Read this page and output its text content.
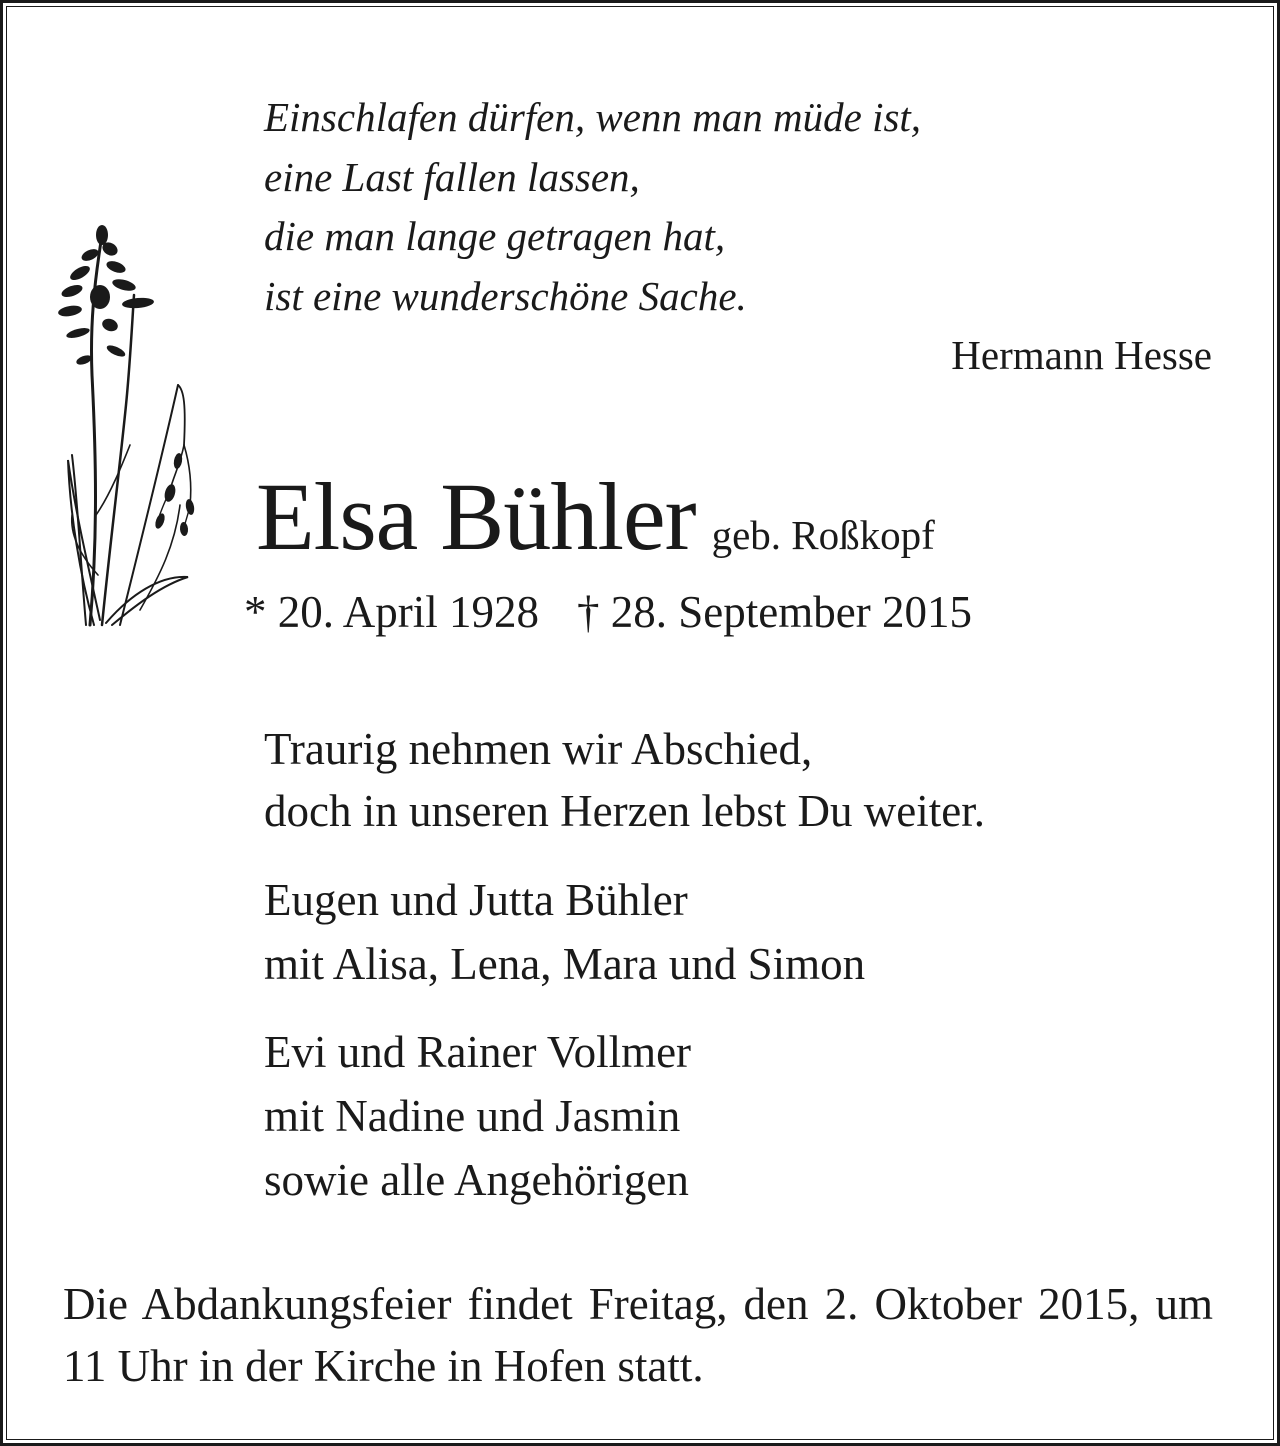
Einschlafen dürfen, wenn man müde ist,
eine Last fallen lassen,
die man lange getragen hat,
ist eine wunderschöne Sache.
Hermann Hesse
Elsa Bühler geb. Roßkopf
* 20. April 1928 † 28. September 2015
Traurig nehmen wir Abschied,
doch in unseren Herzen lebst Du weiter.
Eugen und Jutta Bühler
mit Alisa, Lena, Mara und Simon
Evi und Rainer Vollmer
mit Nadine und Jasmin
sowie alle Angehörigen
Die Abdankungsfeier findet Freitag, den 2. Oktober 2015, um 11 Uhr in der Kirche in Hofen statt.
